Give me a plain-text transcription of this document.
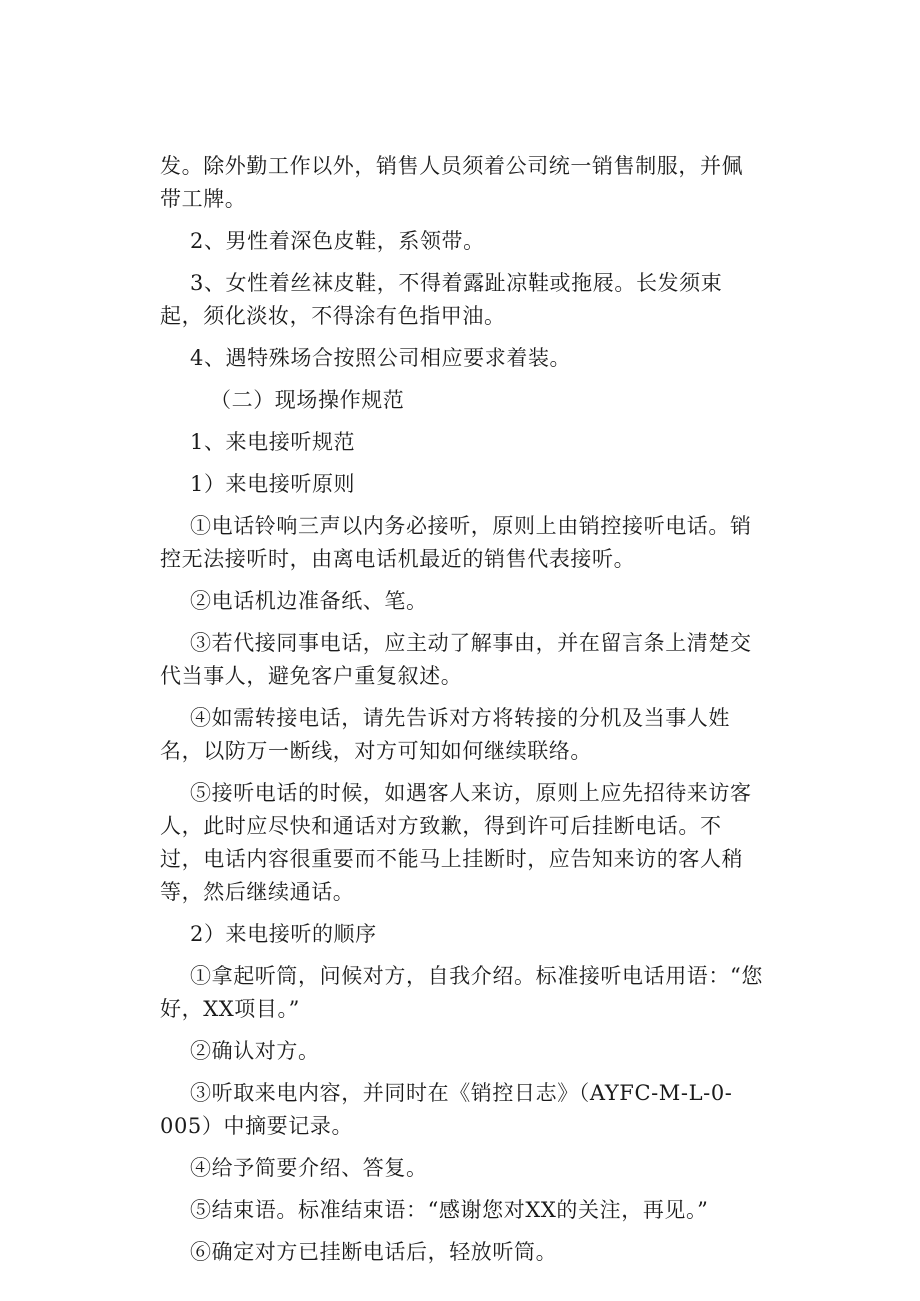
发。除外勤工作以外，销售人员须着公司统一销售制服，并佩带工牌。

2、男性着深色皮鞋，系领带。

3、女性着丝袜皮鞋，不得着露趾凉鞋或拖屐。长发须束起，须化淡妆，不得涂有色指甲油。

4、遇特殊场合按照公司相应要求着装。

（二）现场操作规范

1、来电接听规范

1）来电接听原则

①电话铃响三声以内务必接听，原则上由销控接听电话。销控无法接听时，由离电话机最近的销售代表接听。

②电话机边准备纸、笔。

③若代接同事电话，应主动了解事由，并在留言条上清楚交代当事人，避免客户重复叙述。

④如需转接电话，请先告诉对方将转接的分机及当事人姓名，以防万一断线，对方可知如何继续联络。

⑤接听电话的时候，如遇客人来访，原则上应先招待来访客人，此时应尽快和通话对方致歉，得到许可后挂断电话。不过，电话内容很重要而不能马上挂断时，应告知来访的客人稍等，然后继续通话。

2）来电接听的顺序

①拿起听筒，问候对方，自我介绍。标准接听电话用语：“您好，XX项目。”

②确认对方。

③听取来电内容，并同时在《销控日志》（AYFC-M-L-0-005）中摘要记录。

④给予简要介绍、答复。

⑤结束语。标准结束语：“感谢您对XX的关注，再见。”

⑥确定对方已挂断电话后，轻放听筒。
